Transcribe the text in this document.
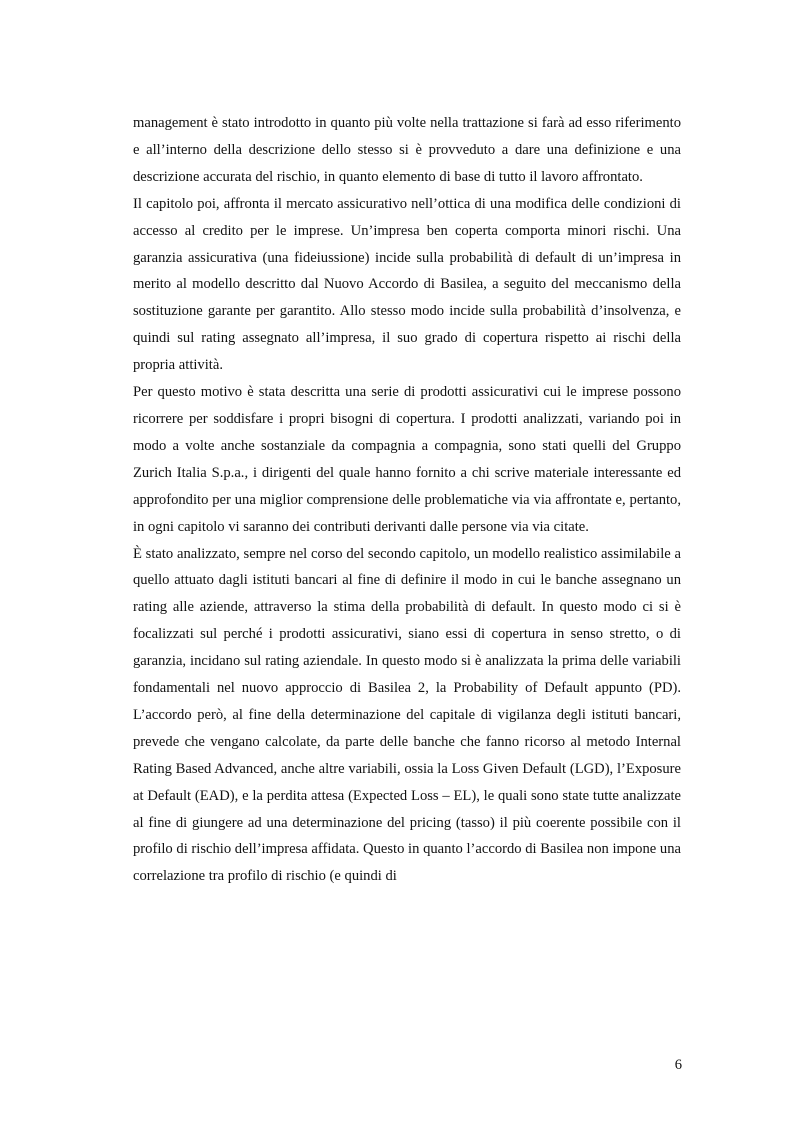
management è stato introdotto in quanto più volte nella trattazione si farà ad esso riferimento e all’interno della descrizione dello stesso si è provveduto a dare una definizione e una descrizione accurata del rischio, in quanto elemento di base di tutto il lavoro affrontato.

Il capitolo poi, affronta il mercato assicurativo nell’ottica di una modifica delle condizioni di accesso al credito per le imprese. Un’impresa ben coperta comporta minori rischi. Una garanzia assicurativa (una fideiussione) incide sulla probabilità di default di un’impresa in merito al modello descritto dal Nuovo Accordo di Basilea, a seguito del meccanismo della sostituzione garante per garantito. Allo stesso modo incide sulla probabilità d’insolvenza, e quindi sul rating assegnato all’impresa, il suo grado di copertura rispetto ai rischi della propria attività.

Per questo motivo è stata descritta una serie di prodotti assicurativi cui le imprese possono ricorrere per soddisfare i propri bisogni di copertura. I prodotti analizzati, variando poi in modo a volte anche sostanziale da compagnia a compagnia, sono stati quelli del Gruppo Zurich Italia S.p.a., i dirigenti del quale hanno fornito a chi scrive materiale interessante ed approfondito per una miglior comprensione delle problematiche via via affrontate e, pertanto, in ogni capitolo vi saranno dei contributi derivanti dalle persone via via citate.

È stato analizzato, sempre nel corso del secondo capitolo, un modello realistico assimilabile a quello attuato dagli istituti bancari al fine di definire il modo in cui le banche assegnano un rating alle aziende, attraverso la stima della probabilità di default. In questo modo ci si è focalizzati sul perché i prodotti assicurativi, siano essi di copertura in senso stretto, o di garanzia, incidano sul rating aziendale. In questo modo si è analizzata la prima delle variabili fondamentali nel nuovo approccio di Basilea 2, la Probability of Default appunto (PD). L’accordo però, al fine della determinazione del capitale di vigilanza degli istituti bancari, prevede che vengano calcolate, da parte delle banche che fanno ricorso al metodo Internal Rating Based Advanced, anche altre variabili, ossia la Loss Given Default (LGD), l’Exposure at Default (EAD), e la perdita attesa (Expected Loss – EL), le quali sono state tutte analizzate al fine di giungere ad una determinazione del pricing (tasso) il più coerente possibile con il profilo di rischio dell’impresa affidata. Questo in quanto l’accordo di Basilea non impone una correlazione tra profilo di rischio (e quindi di

6
